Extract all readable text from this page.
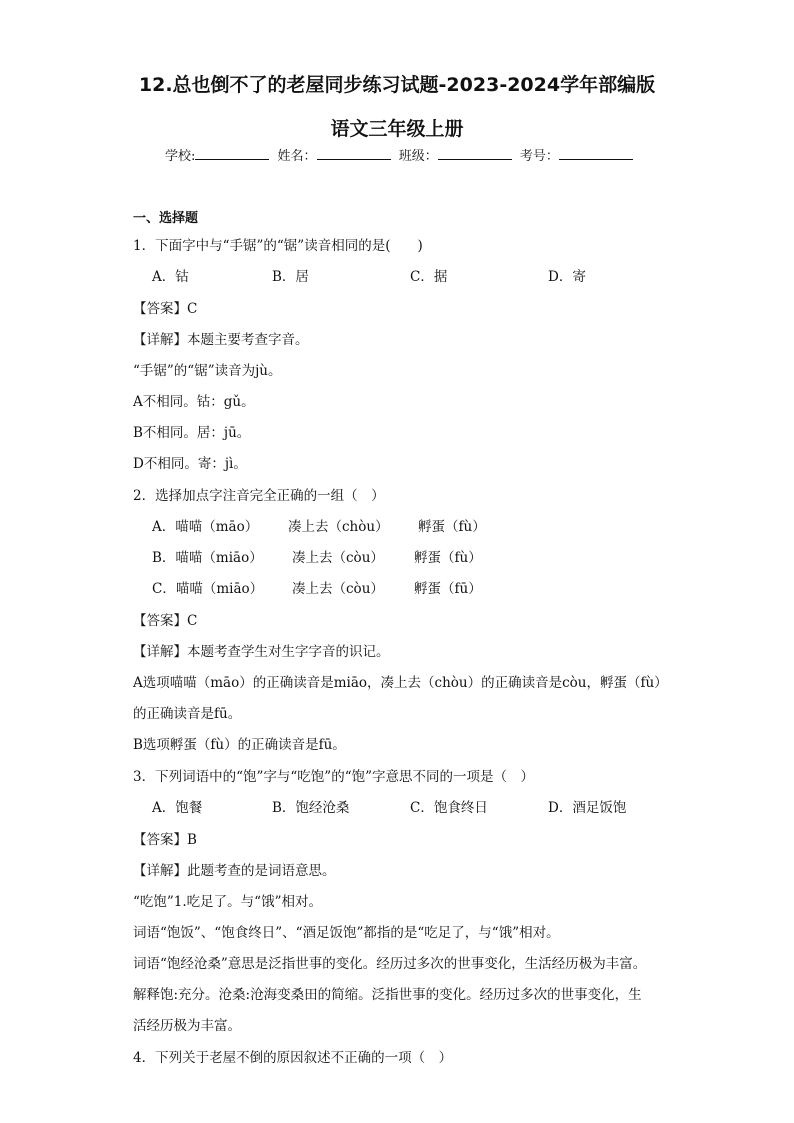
12.总也倒不了的老屋同步练习试题-2023-2024学年部编版
语文三年级上册
学校:	姓名：	班级：	考号：
一、选择题
1．下面字中与“手锯”的“锯”读音相同的是(　　)
A．钴	B．居	C．据	D．寄
【答案】C
【详解】本题主要考查字音。
“手锯”的“锯”读音为jù。
A不相同。钴：gǔ。
B不相同。居：jū。
D不相同。寄：jì。
2．选择加点字注音完全正确的一组（　）
A．喵喵（māo） 凑上去（chòu） 孵蛋（fù）
B．喵喵（miāo） 凑上去（còu） 孵蛋（fù）
C．喵喵（miāo） 凑上去（còu） 孵蛋（fū）
【答案】C
【详解】本题考查学生对生字字音的识记。
A选项喵喵（māo）的正确读音是miāo，凑上去（chòu）的正确读音是còu，孵蛋（fù）
的正确读音是fū。
B选项孵蛋（fù）的正确读音是fū。
3．下列词语中的“饱”字与“吃饱”的“饱”字意思不同的一项是（　）
A．饱餐	B．饱经沧桑	C．饱食终日	D．酒足饭饱
【答案】B
【详解】此题考查的是词语意思。
“吃饱”1.吃足了。与“饿”相对。
词语“饱饭”、“饱食终日”、“酒足饭饱”都指的是“吃足了，与“饿”相对。
词语“饱经沧桑”意思是泛指世事的变化。经历过多次的世事变化，生活经历极为丰富。
解释饱:充分。沧桑:沧海变桑田的简缩。泛指世事的变化。经历过多次的世事变化，生
活经历极为丰富。
4．下列关于老屋不倒的原因叙述不正确的一项（　）
